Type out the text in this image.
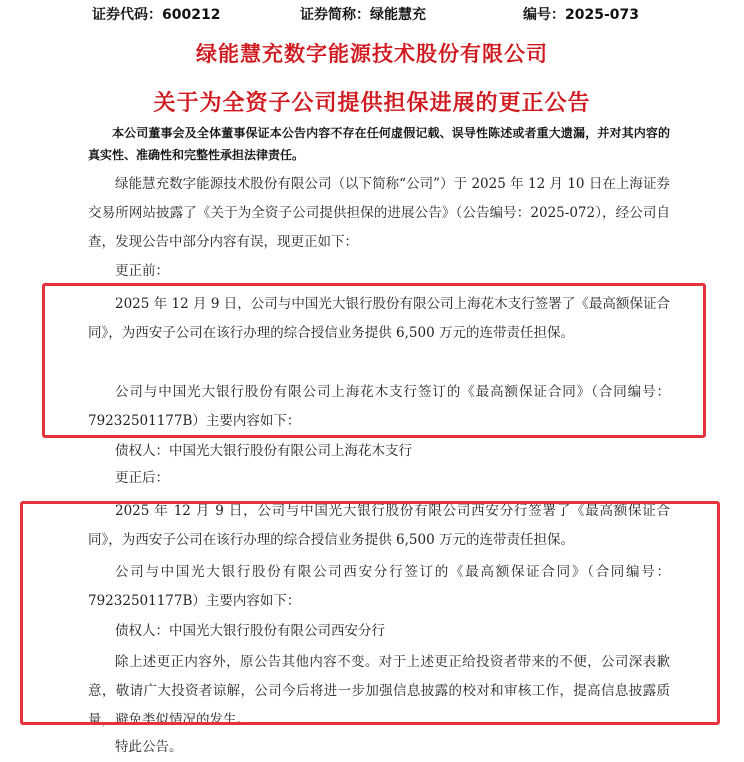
证券代码：600212	证券简称：绿能慧充	编号：2025-073
绿能慧充数字能源技术股份有限公司
关于为全资子公司提供担保进展的更正公告
本公司董事会及全体董事保证本公告内容不存在任何虚假记载、误导性陈述或者重大遗漏，并对其内容的真实性、准确性和完整性承担法律责任。

绿能慧充数字能源技术股份有限公司（以下简称“公司”）于 2025 年 12 月 10 日在上海证券交易所网站披露了《关于为全资子公司提供担保的进展公告》（公告编号：2025-072），经公司自查，发现公告中部分内容有误，现更正如下：

更正前：

2025 年 12 月 9 日，公司与中国光大银行股份有限公司上海花木支行签署了《最高额保证合同》，为西安子公司在该行办理的综合授信业务提供 6,500 万元的连带责任担保。

公司与中国光大银行股份有限公司上海花木支行签订的《最高额保证合同》（合同编号：79232501177B）主要内容如下：

债权人：中国光大银行股份有限公司上海花木支行

更正后：

2025 年 12 月 9 日，公司与中国光大银行股份有限公司西安分行签署了《最高额保证合同》，为西安子公司在该行办理的综合授信业务提供 6,500 万元的连带责任担保。

公司与中国光大银行股份有限公司西安分行签订的《最高额保证合同》（合同编号：79232501177B）主要内容如下：

债权人：中国光大银行股份有限公司西安分行

除上述更正内容外，原公告其他内容不变。对于上述更正给投资者带来的不便，公司深表歉意，敬请广大投资者谅解，公司今后将进一步加强信息披露的校对和审核工作，提高信息披露质量，避免类似情况的发生。

特此公告。
